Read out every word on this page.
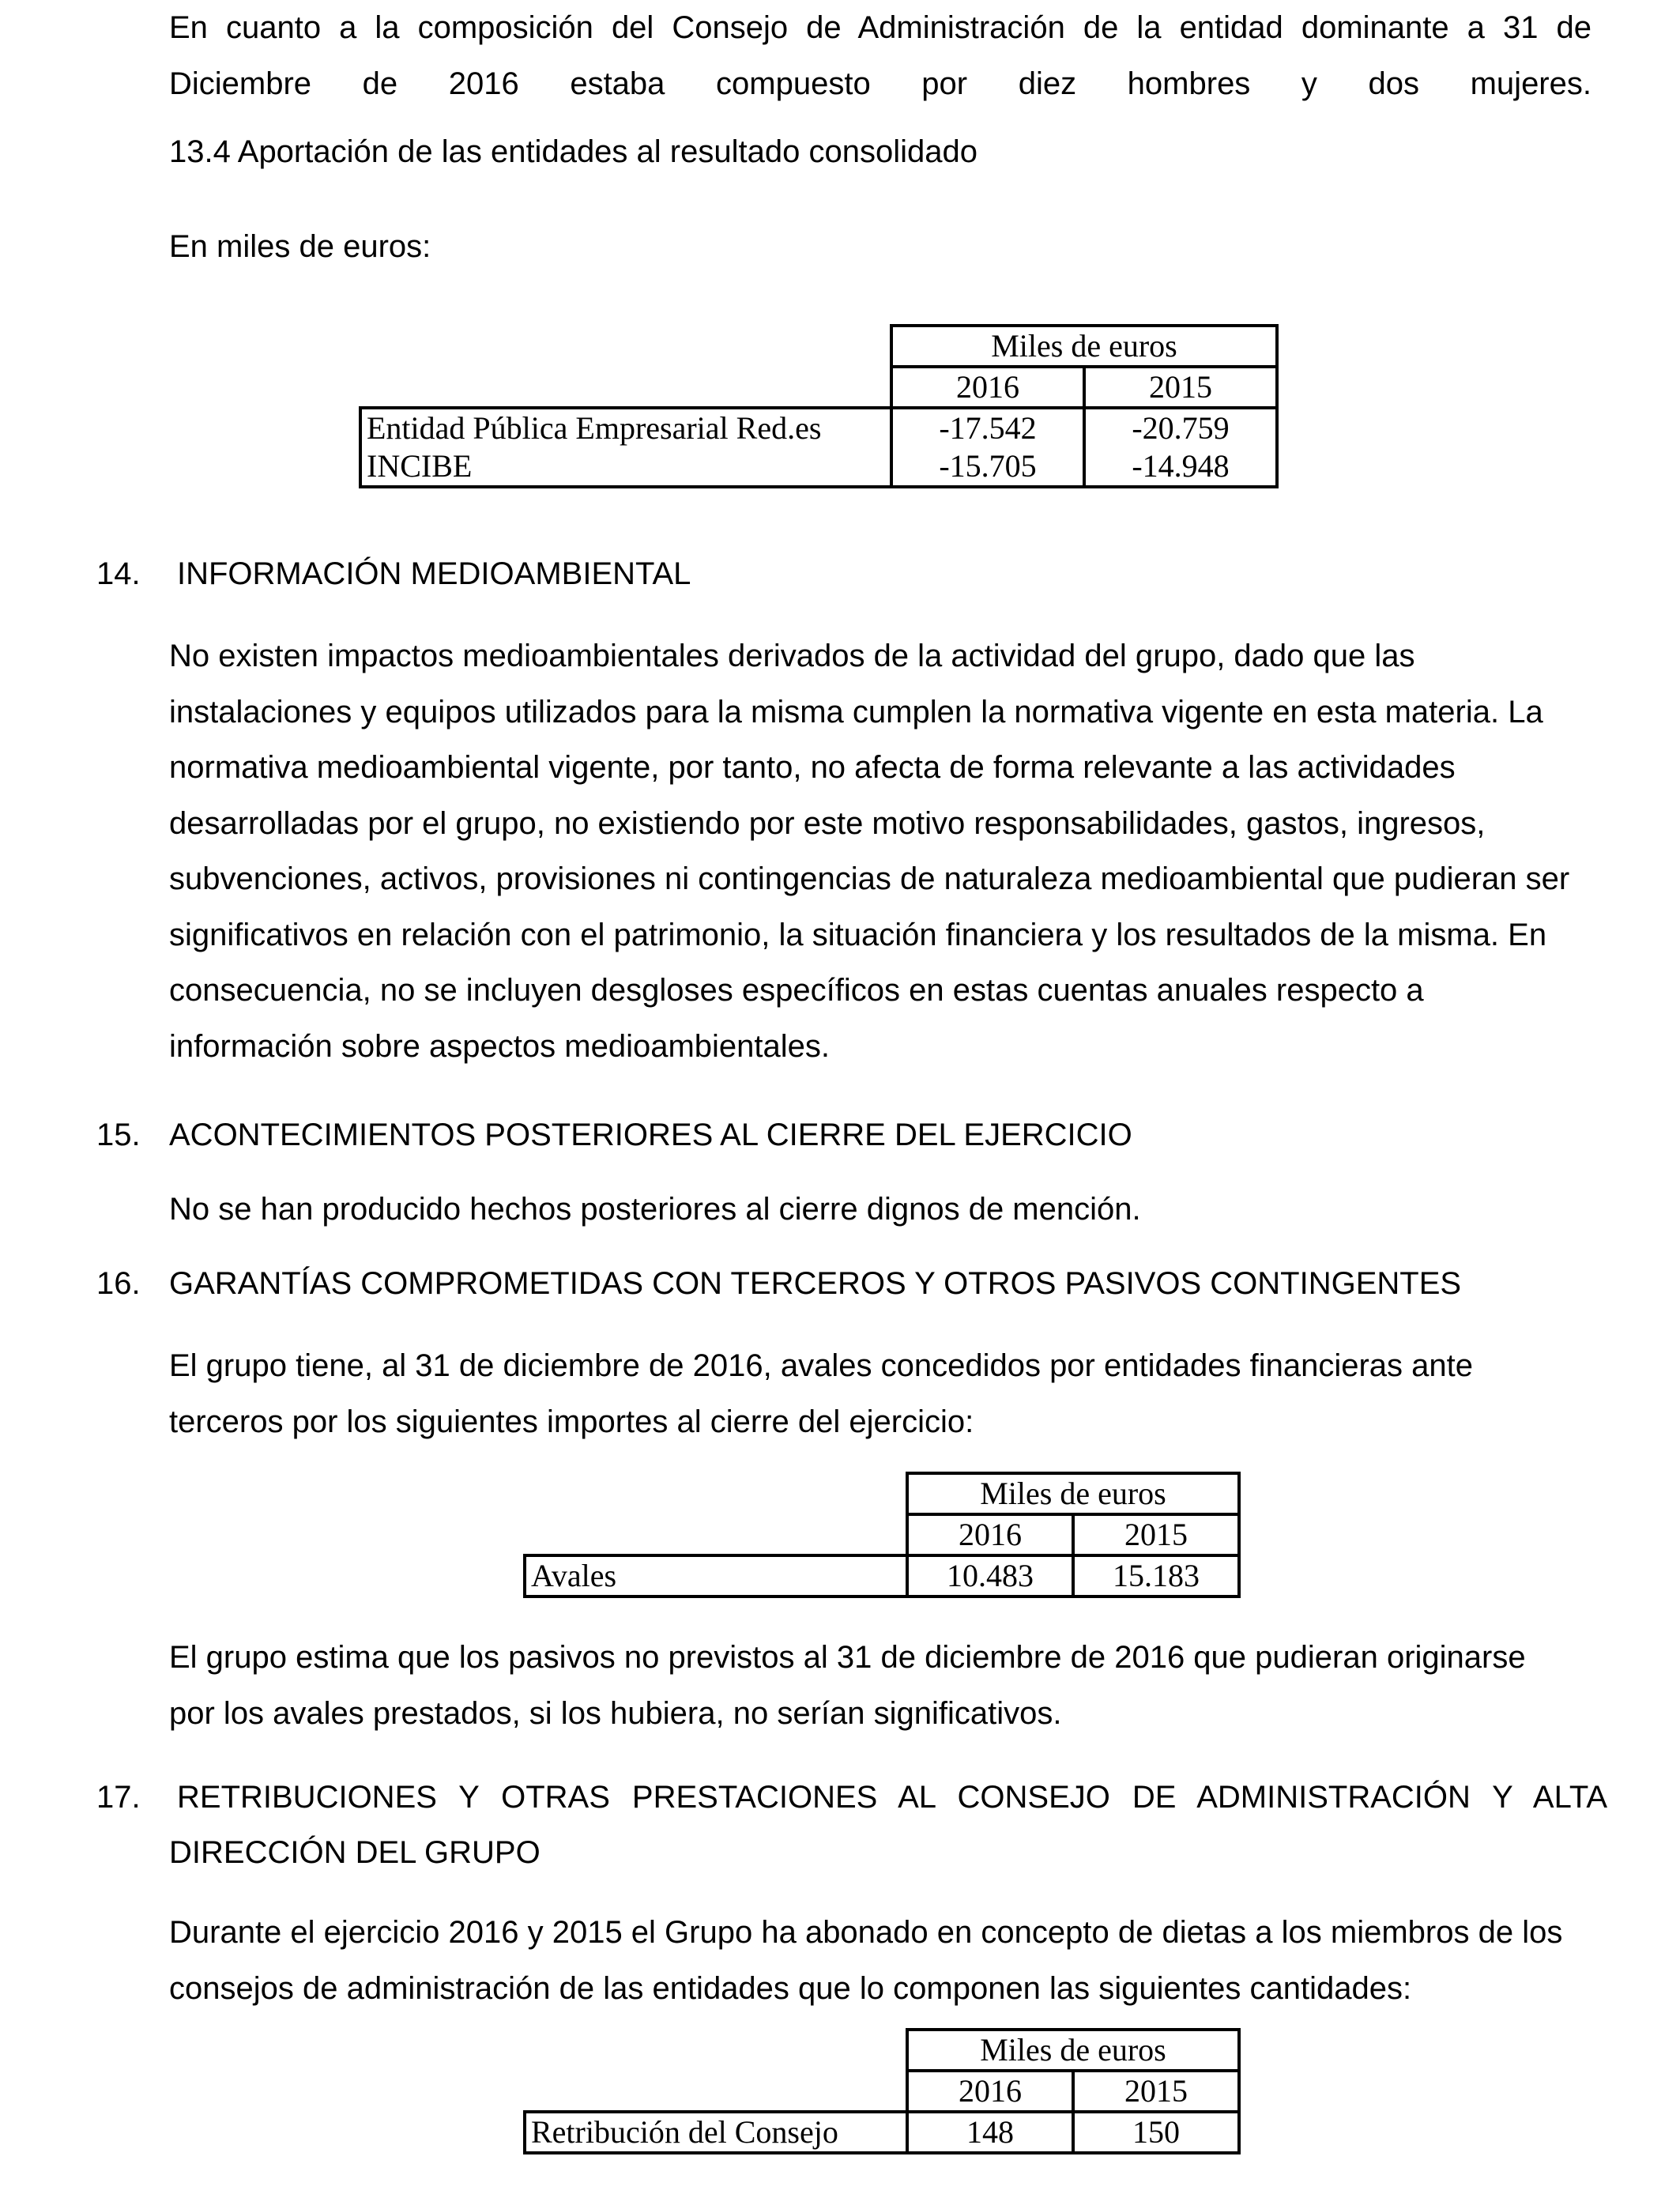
En cuanto a la composición del Consejo de Administración de la entidad dominante a 31 de
Diciembre de 2016 estaba compuesto por diez hombres y dos mujeres.

13.4 Aportación de las entidades al resultado consolidado
En miles de euros:
	Miles de euros	
	2016	2015
Entidad Pública Empresarial Red.es	-17.542	-20.759
INCIBE	-15.705	-14.948
14. INFORMACIÓN MEDIOAMBIENTAL

No existen impactos medioambientales derivados de la actividad del grupo, dado que las
instalaciones y equipos utilizados para la misma cumplen la normativa vigente en esta materia. La
normativa medioambiental vigente, por tanto, no afecta de forma relevante a las actividades
desarrolladas por el grupo, no existiendo por este motivo responsabilidades, gastos, ingresos,
subvenciones, activos, provisiones ni contingencias de naturaleza medioambiental que pudieran ser
significativos en relación con el patrimonio, la situación financiera y los resultados de la misma. En
consecuencia, no se incluyen desgloses específicos en estas cuentas anuales respecto a
información sobre aspectos medioambientales.

15. ACONTECIMIENTOS POSTERIORES AL CIERRE DEL EJERCICIO
No se han producido hechos posteriores al cierre dignos de mención.
16. GARANTÍAS COMPROMETIDAS CON TERCEROS Y OTROS PASIVOS CONTINGENTES

El grupo tiene, al 31 de diciembre de 2016, avales concedidos por entidades financieras ante
terceros por los siguientes importes al cierre del ejercicio:

	Miles de euros	
	2016	2015
Avales	10.483	15.183

El grupo estima que los pasivos no previstos al 31 de diciembre de 2016 que pudieran originarse
por los avales prestados, si los hubiera, no serían significativos.

17. RETRIBUCIONES Y OTRAS PRESTACIONES AL CONSEJO DE ADMINISTRACIÓN Y ALTA
DIRECCIÓN DEL GRUPO

Durante el ejercicio 2016 y 2015 el Grupo ha abonado en concepto de dietas a los miembros de los
consejos de administración de las entidades que lo componen las siguientes cantidades:

	Miles de euros	
	2016	2015
Retribución del Consejo	148	150
